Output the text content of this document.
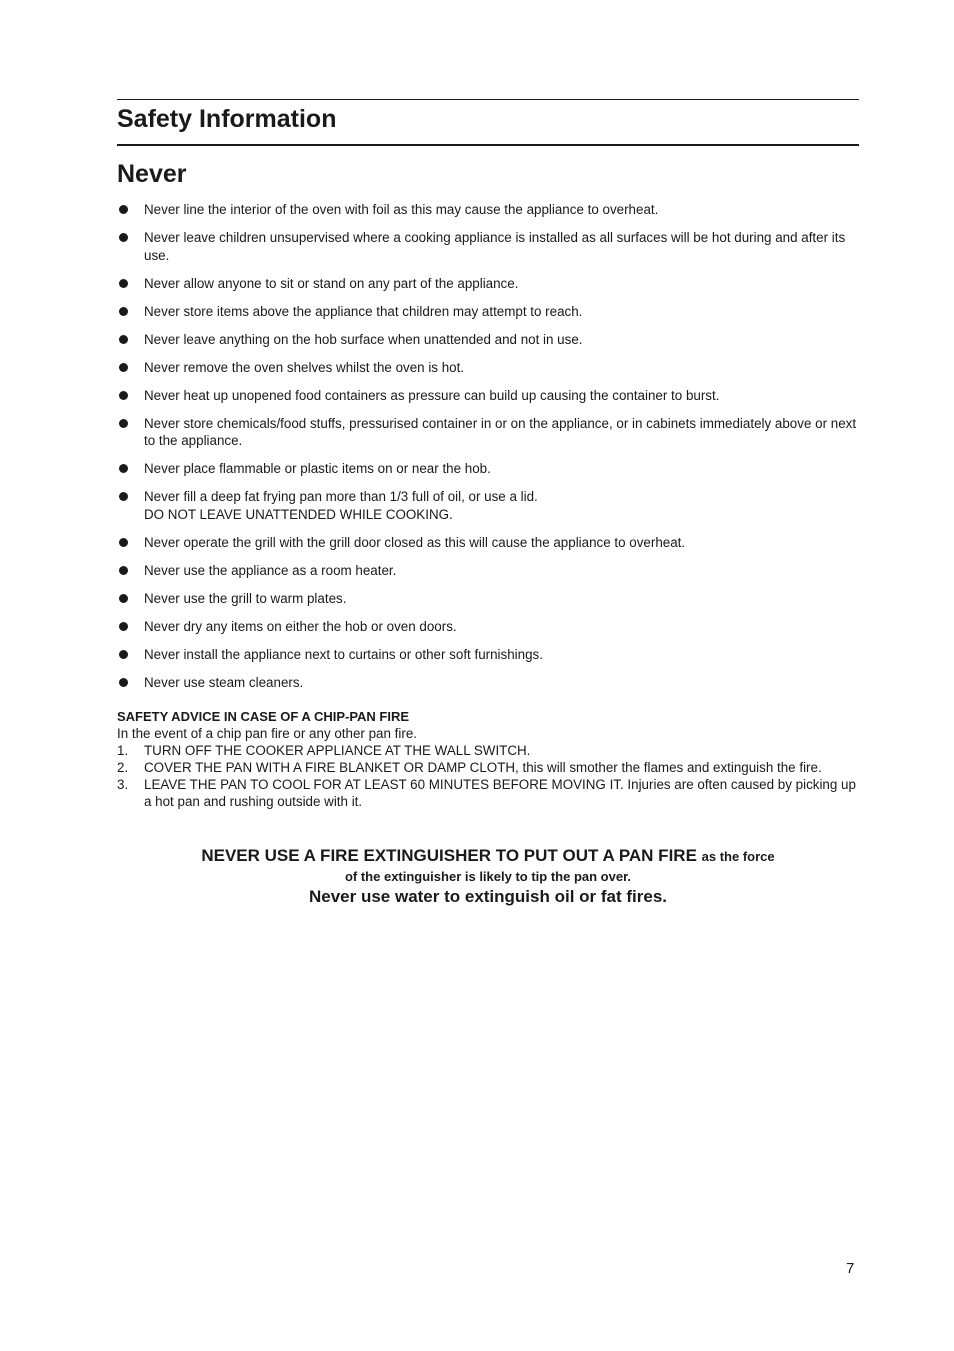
Safety Information
Never
Never line the interior of the oven with foil as this may cause the appliance to overheat.
Never leave children unsupervised where a cooking appliance is installed as all surfaces will be hot during and after its use.
Never allow anyone to sit or stand on any part of the appliance.
Never store items above the appliance that children may attempt to reach.
Never leave anything on the hob surface when unattended and not in use.
Never remove the oven shelves whilst the oven is hot.
Never heat up unopened food containers as pressure can build up causing the container to burst.
Never store chemicals/food stuffs, pressurised container in or on the appliance, or in cabinets immediately above or next to the appliance.
Never place flammable or plastic items on or near the hob.
Never fill a deep fat frying pan more than 1/3 full of oil, or use a lid.
DO NOT LEAVE UNATTENDED WHILE COOKING.
Never operate the grill with the grill door closed as this will cause the appliance to overheat.
Never use the appliance as a room heater.
Never use the grill to warm plates.
Never dry any items on either the hob or oven doors.
Never install the appliance next to curtains or other soft furnishings.
Never use steam cleaners.
SAFETY ADVICE IN CASE OF A CHIP-PAN FIRE
In the event of a chip pan fire or any other pan fire.
1. TURN OFF THE COOKER APPLIANCE AT THE WALL SWITCH.
2. COVER THE PAN WITH A FIRE BLANKET OR DAMP CLOTH, this will smother the flames and extinguish the fire.
3. LEAVE THE PAN TO COOL FOR AT LEAST 60 MINUTES BEFORE MOVING IT. Injuries are often caused by picking up a hot pan and rushing outside with it.
NEVER USE A FIRE EXTINGUISHER TO PUT OUT A PAN FIRE as the force
of the extinguisher is likely to tip the pan over.
Never use water to extinguish oil or fat fires.
7
